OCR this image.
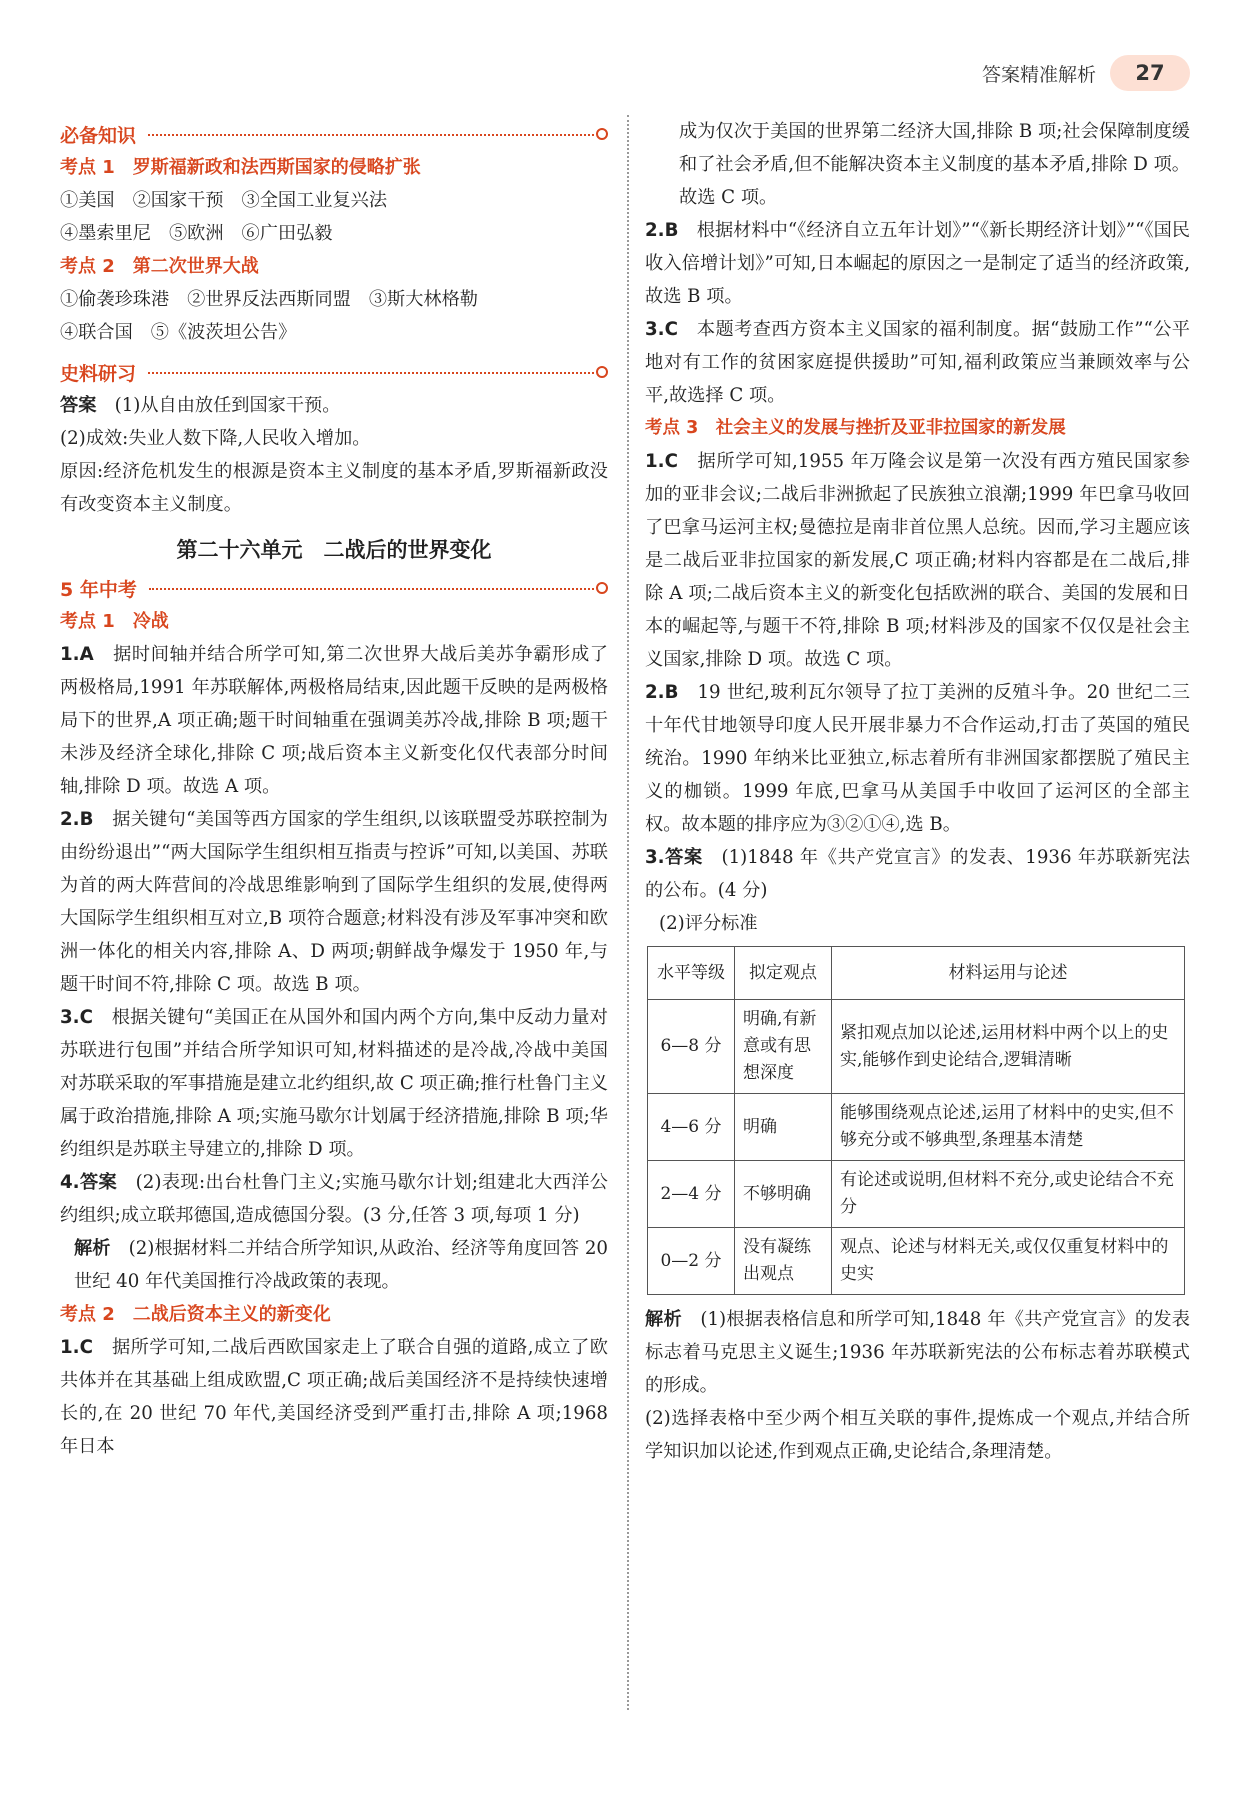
答案精准解析	27
必备知识
考点 1　罗斯福新政和法西斯国家的侵略扩张
①美国 ②国家干预 ③全国工业复兴法
④墨索里尼 ⑤欧洲 ⑥广田弘毅
考点 2　第二次世界大战
①偷袭珍珠港 ②世界反法西斯同盟 ③斯大林格勒
④联合国 ⑤《波茨坦公告》
史料研习

答案　 (1)从自由放任到国家干预。

(2)成效:失业人数下降,人民收入增加。

原因:经济危机发生的根源是资本主义制度的基本矛盾,罗斯福新政没有改变资本主义制度。

第二十六单元　二战后的世界变化
5 年中考
考点 1　冷战

1.A　 据时间轴并结合所学可知,第二次世界大战后美苏争霸形成了两极格局,1991 年苏联解体,两极格局结束,因此题干反映的是两极格局下的世界,A 项正确;题干时间轴重在强调美苏冷战,排除 B 项;题干未涉及经济全球化,排除 C 项;战后资本主义新变化仅代表部分时间轴,排除 D 项。故选 A 项。

2.B　 据关键句“美国等西方国家的学生组织,以该联盟受苏联控制为由纷纷退出”“两大国际学生组织相互指责与控诉”可知,以美国、苏联为首的两大阵营间的冷战思维影响到了国际学生组织的发展,使得两大国际学生组织相互对立,B 项符合题意;材料没有涉及军事冲突和欧洲一体化的相关内容,排除 A、D 两项;朝鲜战争爆发于 1950 年,与题干时间不符,排除 C 项。故选 B 项。

3.C　 根据关键句“美国正在从国外和国内两个方向,集中反动力量对苏联进行包围”并结合所学知识可知,材料描述的是冷战,冷战中美国对苏联采取的军事措施是建立北约组织,故 C 项正确;推行杜鲁门主义属于政治措施,排除 A 项;实施马歇尔计划属于经济措施,排除 B 项;华约组织是苏联主导建立的,排除 D 项。

4.答案　 (2)表现:出台杜鲁门主义;实施马歇尔计划;组建北大西洋公约组织;成立联邦德国,造成德国分裂。(3 分,任答 3 项,每项 1 分)

解析　 (2)根据材料二并结合所学知识,从政治、经济等角度回答 20 世纪 40 年代美国推行冷战政策的表现。

考点 2　二战后资本主义的新变化

1.C　 据所学可知,二战后西欧国家走上了联合自强的道路,成立了欧共体并在其基础上组成欧盟,C 项正确;战后美国经济不是持续快速增长的,在 20 世纪 70 年代,美国经济受到严重打击,排除 A 项;1968 年日本

成为仅次于美国的世界第二经济大国,排除 B 项;社会保障制度缓和了社会矛盾,但不能解决资本主义制度的基本矛盾,排除 D 项。故选 C 项。

2.B　 根据材料中“《经济自立五年计划》”“《新长期经济计划》”“《国民收入倍增计划》”可知,日本崛起的原因之一是制定了适当的经济政策,故选 B 项。

3.C　 本题考查西方资本主义国家的福利制度。据“鼓励工作”“公平地对有工作的贫困家庭提供援助”可知,福利政策应当兼顾效率与公平,故选择 C 项。

考点 3　社会主义的发展与挫折及亚非拉国家的新发展

1.C　 据所学可知,1955 年万隆会议是第一次没有西方殖民国家参加的亚非会议;二战后非洲掀起了民族独立浪潮;1999 年巴拿马收回了巴拿马运河主权;曼德拉是南非首位黑人总统。因而,学习主题应该是二战后亚非拉国家的新发展,C 项正确;材料内容都是在二战后,排除 A 项;二战后资本主义的新变化包括欧洲的联合、美国的发展和日本的崛起等,与题干不符,排除 B 项;材料涉及的国家不仅仅是社会主义国家,排除 D 项。故选 C 项。

2.B　 19 世纪,玻利瓦尔领导了拉丁美洲的反殖斗争。20 世纪二三十年代甘地领导印度人民开展非暴力不合作运动,打击了英国的殖民统治。1990 年纳米比亚独立,标志着所有非洲国家都摆脱了殖民主义的枷锁。1999 年底,巴拿马从美国手中收回了运河区的全部主权。故本题的排序应为③②①④,选 B。

3.答案　 (1)1848 年《共产党宣言》的发表、1936 年苏联新宪法的公布。(4 分)

(2)评分标准

水平等级	拟定观点	材料运用与论述
6—8 分	明确,有新意或有思想深度	紧扣观点加以论述,运用材料中两个以上的史实,能够作到史论结合,逻辑清晰
4—6 分	明确	能够围绕观点论述,运用了材料中的史实,但不够充分或不够典型,条理基本清楚
2—4 分	不够明确	有论述或说明,但材料不充分,或史论结合不充分
0—2 分	没有凝练出观点	观点、论述与材料无关,或仅仅重复材料中的史实

解析　 (1)根据表格信息和所学可知,1848 年《共产党宣言》的发表标志着马克思主义诞生;1936 年苏联新宪法的公布标志着苏联模式的形成。

(2)选择表格中至少两个相互关联的事件,提炼成一个观点,并结合所学知识加以论述,作到观点正确,史论结合,条理清楚。
